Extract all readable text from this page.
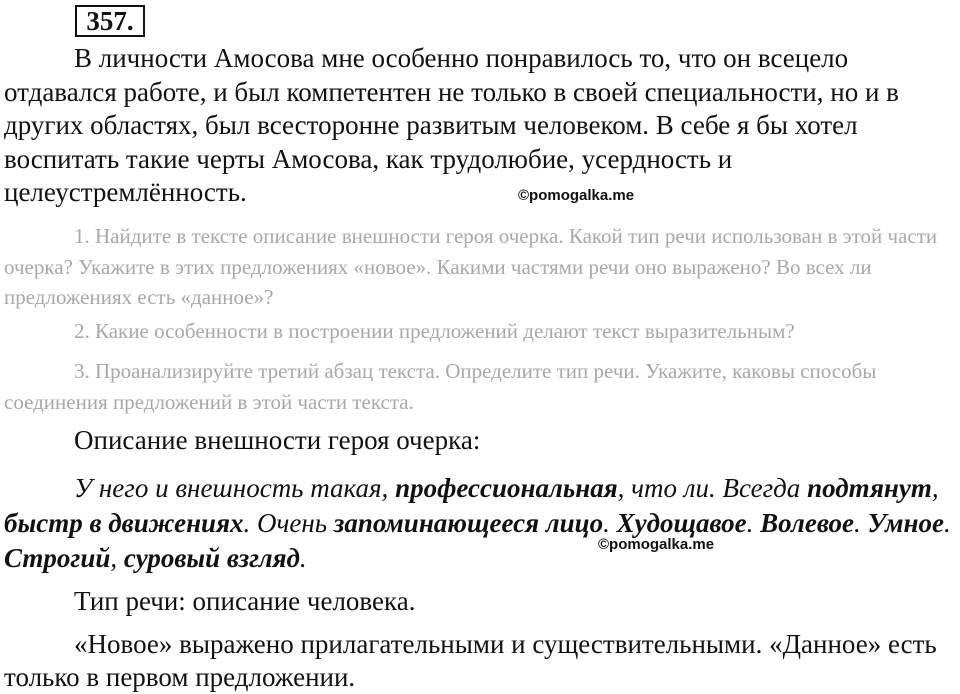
357.
В личности Амосова мне особенно понравилось то, что он всецело отдавался работе, и был компетентен не только в своей специальности, но и в других областях, был всесторонне развитым человеком. В себе я бы хотел воспитать такие черты Амосова, как трудолюбие, усердность и целеустремлённость.	©pomogalka.me
1. Найдите в тексте описание внешности героя очерка. Какой тип речи использован в этой части очерка? Укажите в этих предложениях «новое». Какими частями речи оно выражено? Во всех ли предложениях есть «данное»?
2. Какие особенности в построении предложений делают текст выразительным?
3. Проанализируйте третий абзац текста. Определите тип речи. Укажите, каковы способы соединения предложений в этой части текста.
Описание внешности героя очерка:
У него и внешность такая, профессиональная, что ли. Всегда подтянут, быстр в движениях. Очень запоминающееся лицо. Худощавое. Волевое. Умное. Строгий, суровый взгляд.	©pomogalka.me
Тип речи: описание человека.
«Новое» выражено прилагательными и существительными. «Данное» есть только в первом предложении.
